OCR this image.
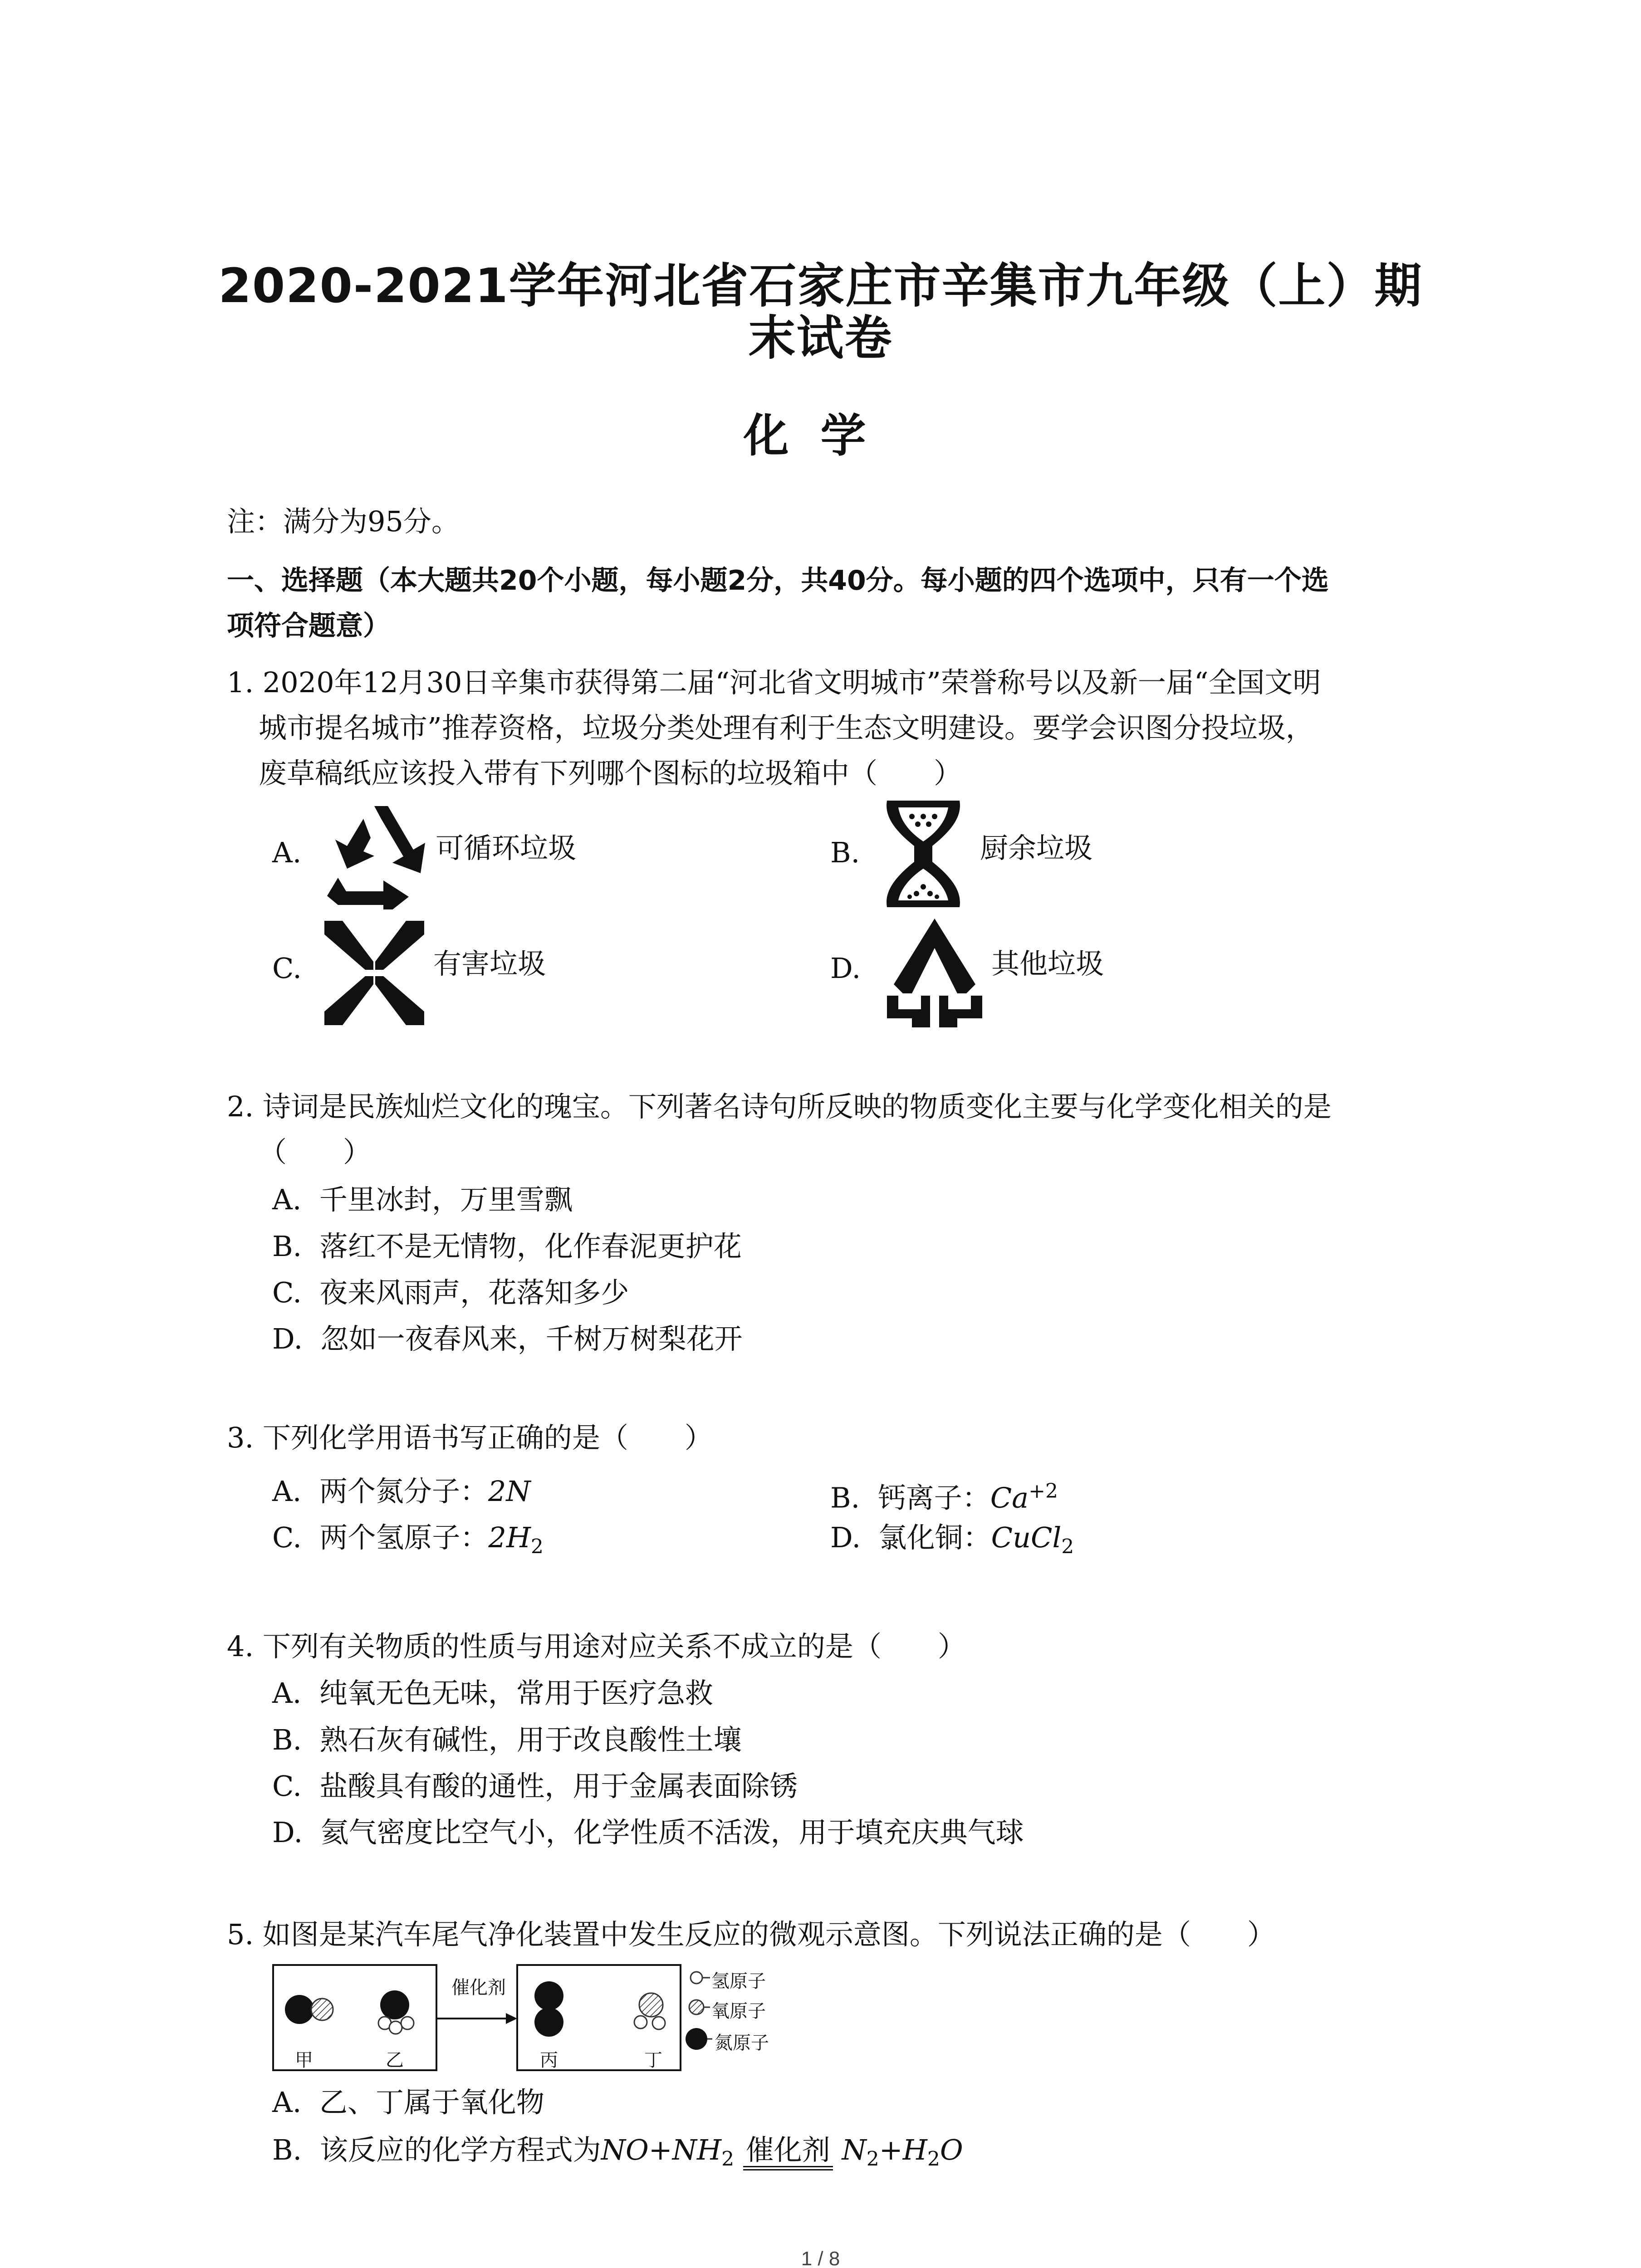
2020-2021学年河北省石家庄市辛集市九年级（上）期
末试卷
化学
注：满分为95分。
一、选择题（本大题共20个小题，每小题2分，共40分。每小题的四个选项中，只有一个选
项符合题意）
1. 2020年12月30日辛集市获得第二届“河北省文明城市”荣誉称号以及新一届“全国文明
城市提名城市”推荐资格，垃圾分类处理有利于生态文明建设。要学会识图分投垃圾，
废草稿纸应该投入带有下列哪个图标的垃圾箱中（　　）
A.	可循环垃圾	B.	厨余垃圾
C.	有害垃圾	D.	其他垃圾
2. 诗词是民族灿烂文化的瑰宝。下列著名诗句所反映的物质变化主要与化学变化相关的是
（　　）
A. 千里冰封，万里雪飘
B. 落红不是无情物，化作春泥更护花
C. 夜来风雨声，花落知多少
D. 忽如一夜春风来，千树万树梨花开
3. 下列化学用语书写正确的是（　　）
A. 两个氮分子：2N	B. 钙离子：$Ca^{+2}$
C. 两个氢原子：$2H_2$	D. 氯化铜：CuCl$_2$
4. 下列有关物质的性质与用途对应关系不成立的是（　　）
A. 纯氧无色无味，常用于医疗急救
B. 熟石灰有碱性，用于改良酸性土壤
C. 盐酸具有酸的通性，用于金属表面除锈
D. 氦气密度比空气小，化学性质不活泼，用于填充庆典气球
5. 如图是某汽车尾气净化装置中发生反应的微观示意图。下列说法正确的是（　　）
催化剂
甲	乙	丙	丁
氢原子
氧原子
氮原子
A. 乙、丁属于氧化物
B. 该反应的化学方程式为$NO+NH_2$ 催化剂 $N_2+H_2O$
1 / 8
